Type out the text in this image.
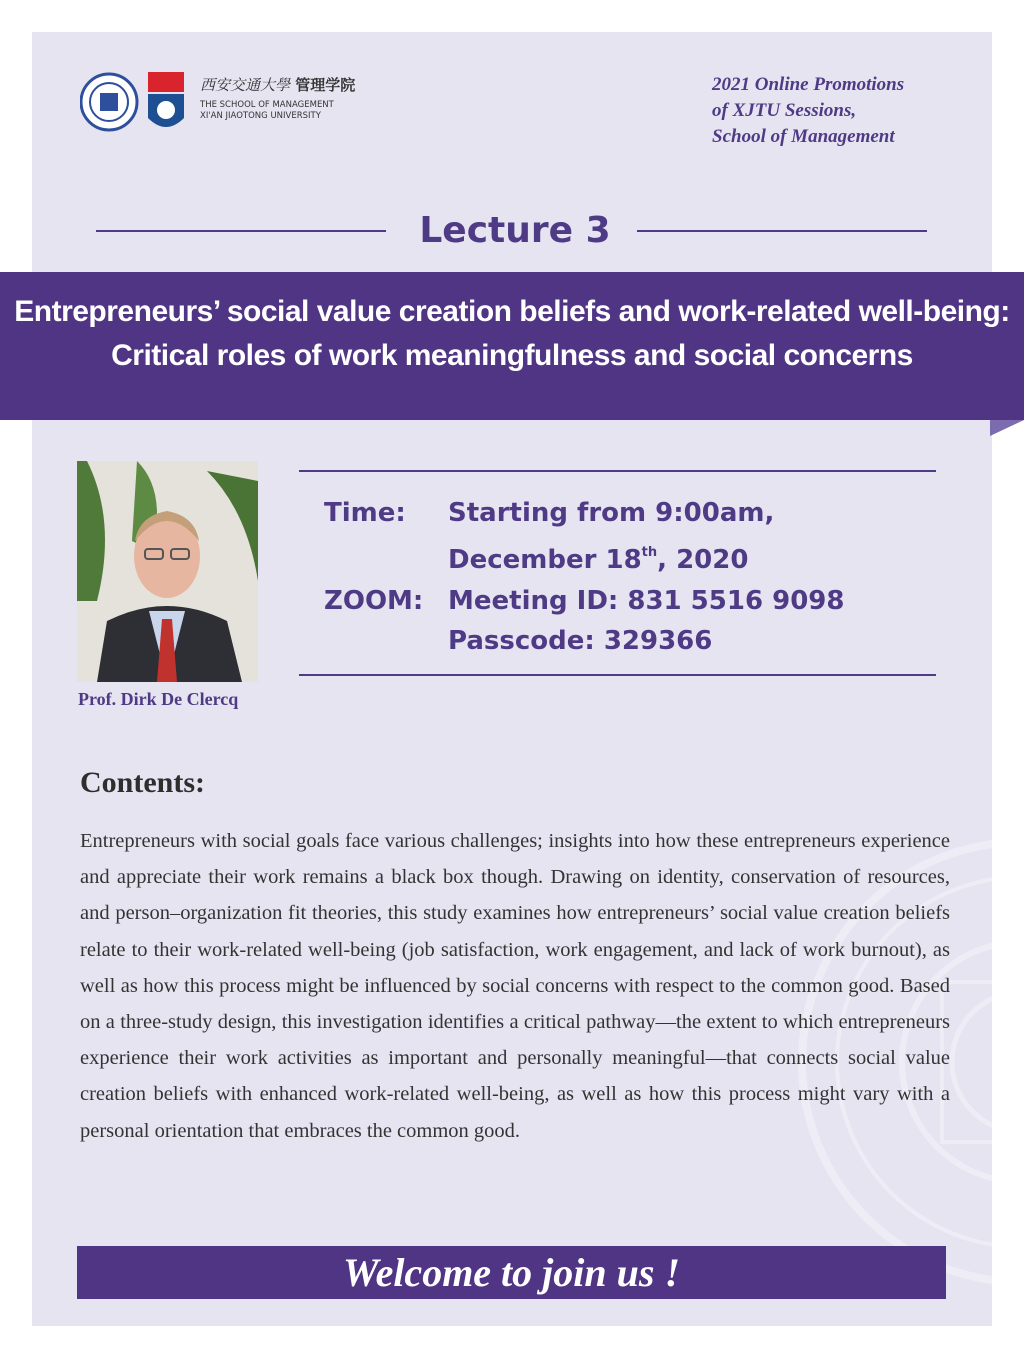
西安交通大學 管理学院
THE SCHOOL OF MANAGEMENT
XI'AN JIAOTONG UNIVERSITY
2021 Online Promotions
of XJTU Sessions,
School of Management
Lecture 3
Entrepreneurs’ social value creation beliefs and work-related well-being:
Critical roles of work meaningfulness and social concerns
Prof. Dirk De Clercq
Time: Starting from 9:00am,
December 18th, 2020
ZOOM: Meeting ID: 831 5516 9098
Passcode: 329366
Contents:
Entrepreneurs with social goals face various challenges; insights into how these entrepreneurs experience and appreciate their work remains a black box though. Drawing on identity, conservation of resources, and person–organization fit theories, this study examines how entrepreneurs’ social value creation beliefs relate to their work-related well-being (job satisfaction, work engagement, and lack of work burnout), as well as how this process might be influenced by social concerns with respect to the common good. Based on a three-study design, this investigation identifies a critical pathway—the extent to which entrepreneurs experience their work activities as important and personally meaningful—that connects social value creation beliefs with enhanced work-related well-being, as well as how this process might vary with a personal orientation that embraces the common good.
Welcome to join us !
